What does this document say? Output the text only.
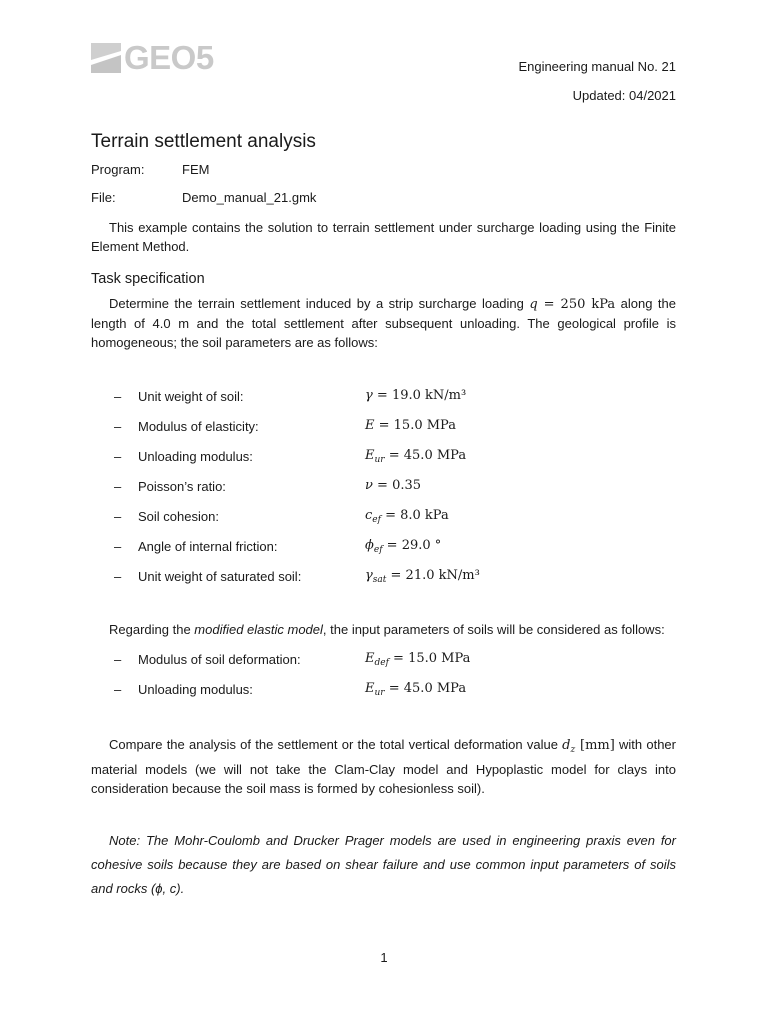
GEO5	Engineering manual No. 21
Updated: 04/2021
Terrain settlement analysis
Program:	FEM
File:	Demo_manual_21.gmk

This example contains the solution to terrain settlement under surcharge loading using the Finite Element Method.

Task specification

Determine the terrain settlement induced by a strip surcharge loading q = 250 kPa along the length of 4.0 m and the total settlement after subsequent unloading. The geological profile is homogeneous; the soil parameters are as follows:

– Unit weight of soil:	γ = 19.0 kN/m³
– Modulus of elasticity:	E = 15.0 MPa
– Unloading modulus:	$E_{ur} = 45.0$ MPa
– Poisson’s ratio:	ν = 0.35
– Soil cohesion:	$c_{ef} = 8.0$ kPa
– Angle of internal friction:	$\phi_{ef} = 29.0$ °
– Unit weight of saturated soil:	$\gamma_{sat} = 21.0$ kN/m³

Regarding the modified elastic model, the input parameters of soils will be considered as follows:

– Modulus of soil deformation:	$E_{def} = 15.0$ MPa
– Unloading modulus:	$E_{ur} = 45.0$ MPa

Compare the analysis of the settlement or the total vertical deformation value $d_z$ [mm] with other material models (we will not take the Clam-Clay model and Hypoplastic model for clays into consideration because the soil mass is formed by cohesionless soil).

Note: The Mohr-Coulomb and Drucker Prager models are used in engineering praxis even for cohesive soils because they are based on shear failure and use common input parameters of soils and rocks (ϕ, c).

1
